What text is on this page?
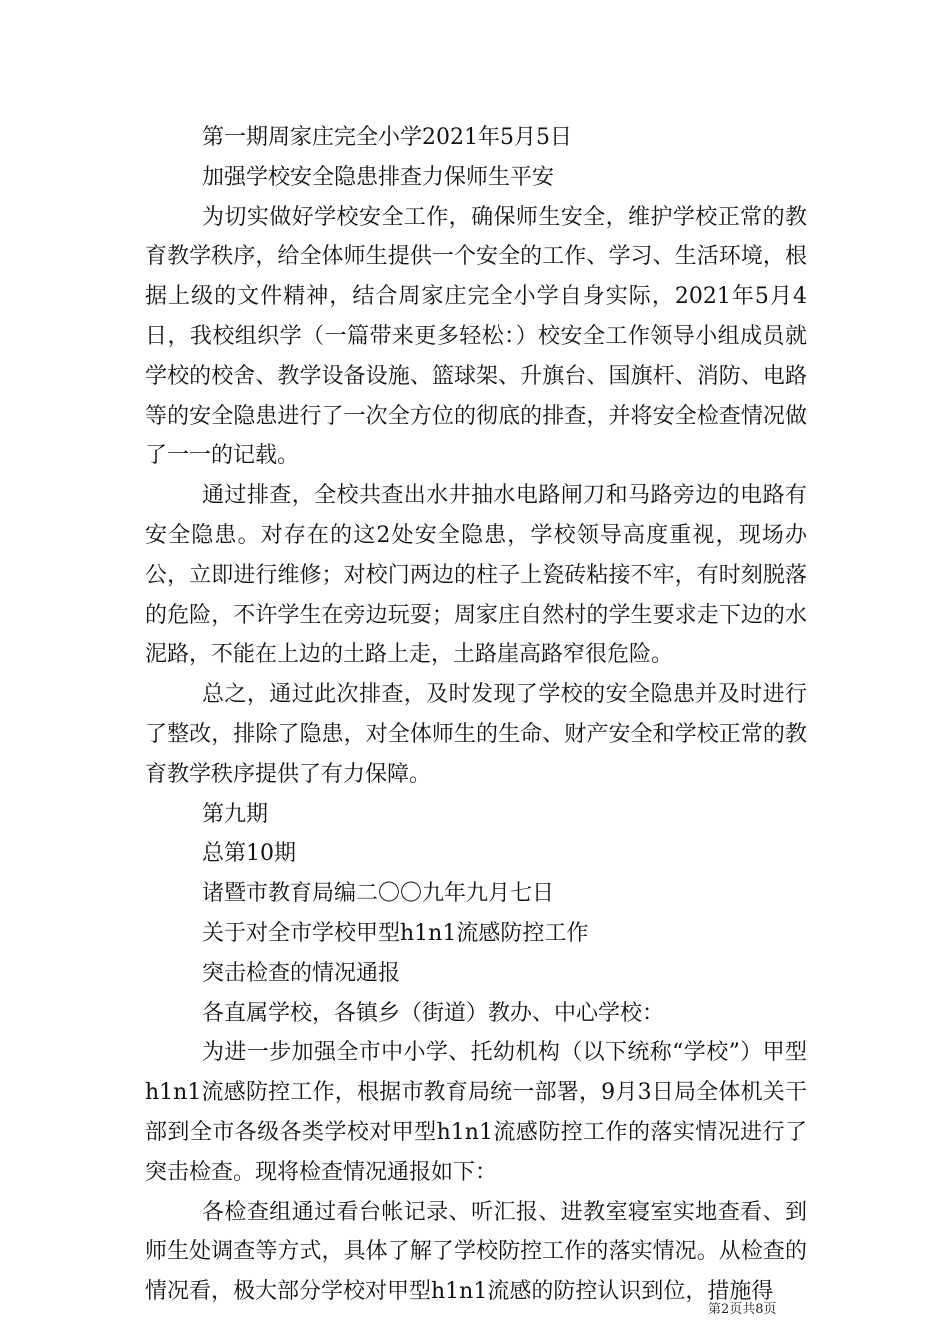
第一期周家庄完全小学2021年5月5日

加强学校安全隐患排查力保师生平安

为切实做好学校安全工作，确保师生安全，维护学校正常的教育教学秩序，给全体师生提供一个安全的工作、学习、生活环境，根据上级的文件精神，结合周家庄完全小学自身实际，2021年5月4日，我校组织学（一篇带来更多轻松：）校安全工作领导小组成员就学校的校舍、教学设备设施、篮球架、升旗台、国旗杆、消防、电路等的安全隐患进行了一次全方位的彻底的排查，并将安全检查情况做了一一的记载。

通过排查，全校共查出水井抽水电路闸刀和马路旁边的电路有安全隐患。对存在的这2处安全隐患，学校领导高度重视，现场办公，立即进行维修；对校门两边的柱子上瓷砖粘接不牢，有时刻脱落的危险，不许学生在旁边玩耍；周家庄自然村的学生要求走下边的水泥路，不能在上边的土路上走，土路崖高路窄很危险。

总之，通过此次排查，及时发现了学校的安全隐患并及时进行了整改，排除了隐患，对全体师生的生命、财产安全和学校正常的教育教学秩序提供了有力保障。

第九期

总第10期

诸暨市教育局编二〇〇九年九月七日

关于对全市学校甲型h1n1流感防控工作

突击检查的情况通报

各直属学校，各镇乡（街道）教办、中心学校：

为进一步加强全市中小学、托幼机构（以下统称“学校”）甲型h1n1流感防控工作，根据市教育局统一部署，9月3日局全体机关干部到全市各级各类学校对甲型h1n1流感防控工作的落实情况进行了突击检查。现将检查情况通报如下：

各检查组通过看台帐记录、听汇报、进教室寝室实地查看、到师生处调查等方式，具体了解了学校防控工作的落实情况。从检查的情况看，极大部分学校对甲型h1n1流感的防控认识到位，措施得

第2页共8页
